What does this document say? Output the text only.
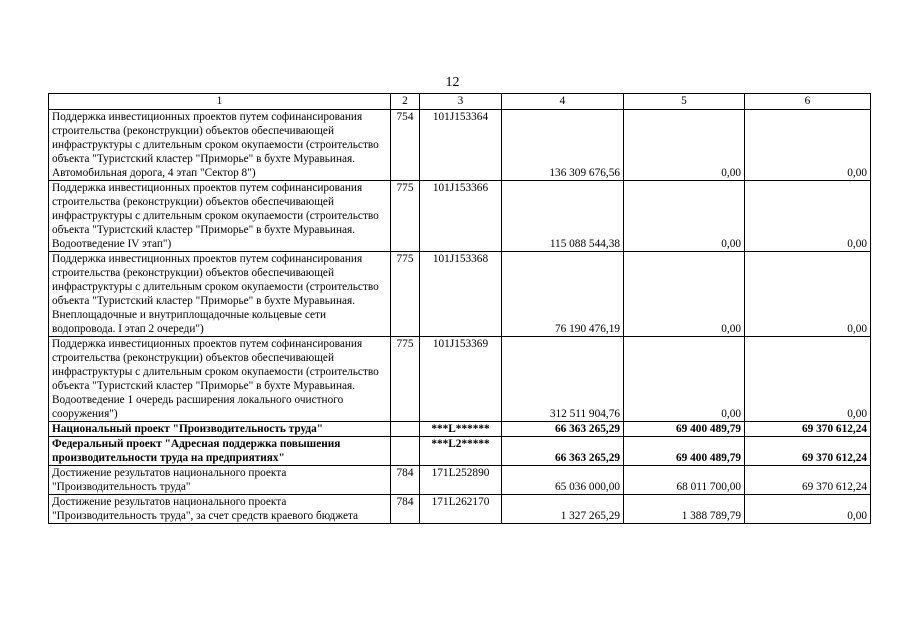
12
1	2	3	4	5	6
Поддержка инвестиционных проектов путем софинансирования строительства (реконструкции) объектов обеспечивающей инфраструктуры с длительным сроком окупаемости (строительство объекта "Туристский кластер "Приморье" в бухте Муравьиная. Автомобильная дорога, 4 этап "Сектор 8")	754	101J153364	136 309 676,56	0,00	0,00
Поддержка инвестиционных проектов путем софинансирования строительства (реконструкции) объектов обеспечивающей инфраструктуры с длительным сроком окупаемости (строительство объекта "Туристский кластер "Приморье" в бухте Муравьиная. Водоотведение IV этап")	775	101J153366	115 088 544,38	0,00	0,00
Поддержка инвестиционных проектов путем софинансирования строительства (реконструкции) объектов обеспечивающей инфраструктуры с длительным сроком окупаемости (строительство объекта "Туристский кластер "Приморье" в бухте Муравьиная. Внеплощадочные и внутриплощадочные кольцевые сети водопровода. I этап 2 очереди")	775	101J153368	76 190 476,19	0,00	0,00
Поддержка инвестиционных проектов путем софинансирования строительства (реконструкции) объектов обеспечивающей инфраструктуры с длительным сроком окупаемости (строительство объекта "Туристский кластер "Приморье" в бухте Муравьиная. Водоотведение 1 очередь расширения локального очистного сооружения")	775	101J153369	312 511 904,76	0,00	0,00
Национальный проект "Производительность труда"		***L******	66 363 265,29	69 400 489,79	69 370 612,24
Федеральный проект "Адресная поддержка повышения производительности труда на предприятиях"		***L2*****	66 363 265,29	69 400 489,79	69 370 612,24
Достижение результатов национального проекта "Производительность труда"	784	171L252890	65 036 000,00	68 011 700,00	69 370 612,24
Достижение результатов национального проекта "Производительность труда", за счет средств краевого бюджета	784	171L262170	1 327 265,29	1 388 789,79	0,00
